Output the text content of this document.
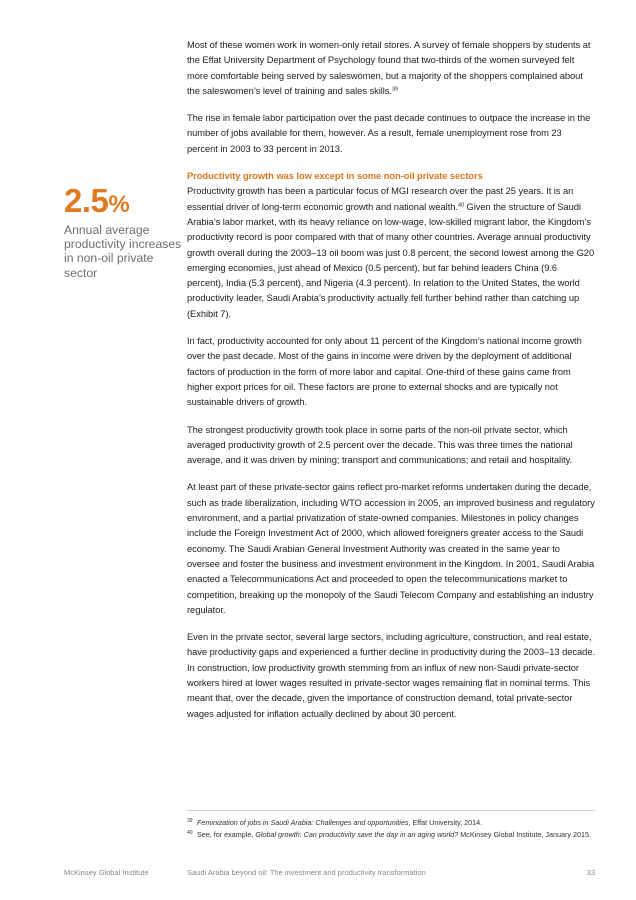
Most of these women work in women-only retail stores. A survey of female shoppers by students at the Effat University Department of Psychology found that two-thirds of the women surveyed felt more comfortable being served by saleswomen, but a majority of the shoppers complained about the saleswomen’s level of training and sales skills.$^{39}$

The rise in female labor participation over the past decade continues to outpace the increase in the number of jobs available for them, however. As a result, female unemployment rose from 23 percent in 2003 to 33 percent in 2013.

Productivity growth was low except in some non-oil private sectors

Productivity growth has been a particular focus of MGI research over the past 25 years. It is an essential driver of long-term economic growth and national wealth.$^{40}$ Given the structure of Saudi Arabia’s labor market, with its heavy reliance on low-wage, low-skilled migrant labor, the Kingdom’s productivity record is poor compared with that of many other countries. Average annual productivity growth overall during the 2003–13 oil boom was just 0.8 percent, the second lowest among the G20 emerging economies, just ahead of Mexico (0.5 percent), but far behind leaders China (9.6 percent), India (5.3 percent), and Nigeria (4.3 percent). In relation to the United States, the world productivity leader, Saudi Arabia’s productivity actually fell further behind rather than catching up (Exhibit 7).

In fact, productivity accounted for only about 11 percent of the Kingdom’s national income growth over the past decade. Most of the gains in income were driven by the deployment of additional factors of production in the form of more labor and capital. One-third of these gains came from higher export prices for oil. These factors are prone to external shocks and are typically not sustainable drivers of growth.

The strongest productivity growth took place in some parts of the non-oil private sector, which averaged productivity growth of 2.5 percent over the decade. This was three times the national average, and it was driven by mining; transport and communications; and retail and hospitality.

At least part of these private-sector gains reflect pro-market reforms undertaken during the decade, such as trade liberalization, including WTO accession in 2005, an improved business and regulatory environment, and a partial privatization of state-owned companies. Milestones in policy changes include the Foreign Investment Act of 2000, which allowed foreigners greater access to the Saudi economy. The Saudi Arabian General Investment Authority was created in the same year to oversee and foster the business and investment environment in the Kingdom. In 2001, Saudi Arabia enacted a Telecommunications Act and proceeded to open the telecommunications market to competition, breaking up the monopoly of the Saudi Telecom Company and establishing an industry regulator.

Even in the private sector, several large sectors, including agriculture, construction, and real estate, have productivity gaps and experienced a further decline in productivity during the 2003–13 decade. In construction, low productivity growth stemming from an influx of new non-Saudi private-sector workers hired at lower wages resulted in private-sector wages remaining flat in nominal terms. This meant that, over the decade, given the importance of construction demand, total private-sector wages adjusted for inflation actually declined by about 30 percent.

2.5%
Annual average productivity increases in non-oil private sector
39 Feminization of jobs in Saudi Arabia: Challenges and opportunities, Effat University, 2014.
40 See, for example, Global growth: Can productivity save the day in an aging world? McKinsey Global Institute, January 2015.
McKinsey Global Institute	Saudi Arabia beyond oil: The investment and productivity transformation	33
